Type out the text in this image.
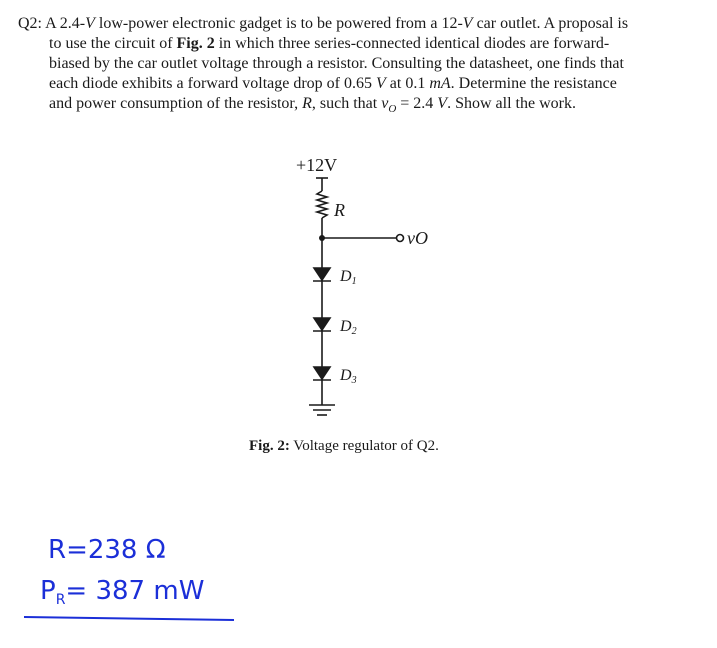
Q2: A 2.4-V low-power electronic gadget is to be powered from a 12-V car outlet. A proposal is
to use the circuit of Fig. 2 in which three series-connected identical diodes are forward-
biased by the car outlet voltage through a resistor. Consulting the datasheet, one finds that
each diode exhibits a forward voltage drop of 0.65 V at 0.1 mA. Determine the resistance
and power consumption of the resistor, R, such that $v_O = 2.4$ V. Show all the work.
+12V
R
vO
D1
D2
D3
Fig. 2: Voltage regulator of Q2.
R=238 Ω
PR= 387 mW
